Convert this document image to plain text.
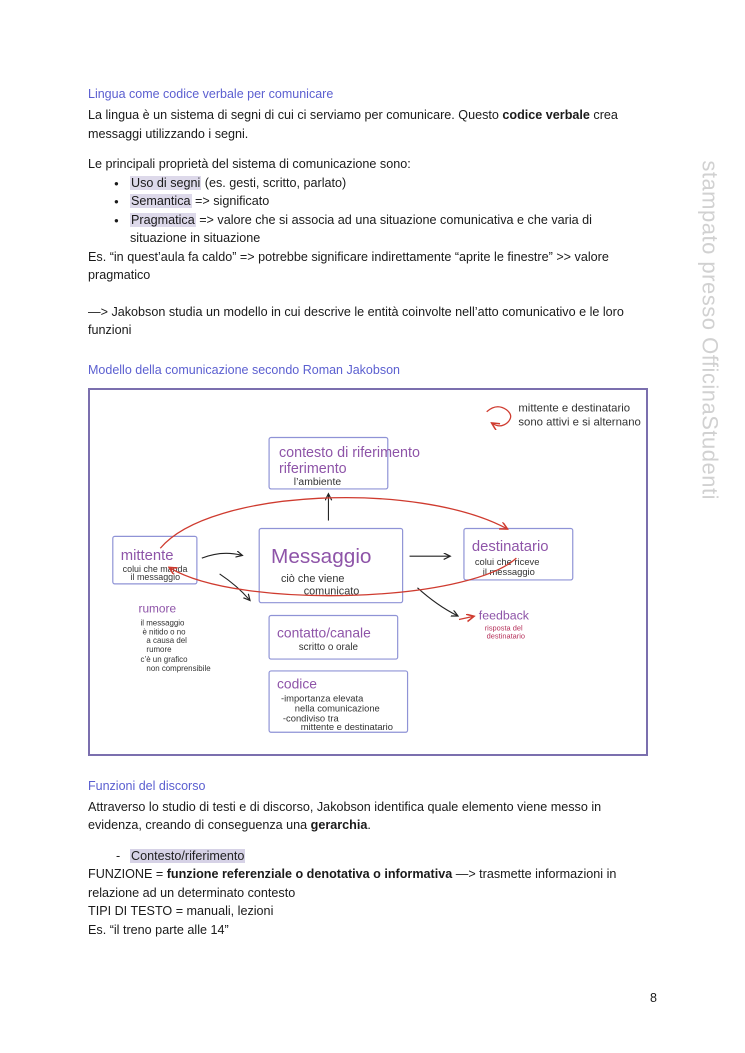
Lingua come codice verbale per comunicare

La lingua è un sistema di segni di cui ci serviamo per comunicare. Questo codice verbale crea messaggi utilizzando i segni.

Le principali proprietà del sistema di comunicazione sono:

● Uso di segni (es. gesti, scritto, parlato)
● Semantica => significato
● Pragmatica => valore che si associa ad una situazione comunicativa e che varia di situazione in situazione

Es. “in quest’aula fa caldo” => potrebbe significare indirettamente “aprite le finestre” >> valore pragmatico

—> Jakobson studia un modello in cui descrive le entità coinvolte nell’atto comunicativo e le loro funzioni

Modello della comunicazione secondo Roman Jakobson
mittente e destinatario
sono attivi e si alternano
contesto di riferimento
riferimento
l’ambiente
Messaggio
ciò che viene
comunicato
mittente
colui che manda
il messaggio
destinatario
colui che riceve
il messaggio
contatto/canale
scritto o orale
codice
-importanza elevata
nella comunicazione
-condiviso tra
mittente e destinatario
rumore
il messaggio
è nitido o no
a causa del
rumore
c’è un grafico
non comprensibile
feedback
risposta del
destinatario
Funzioni del discorso

Attraverso lo studio di testi e di discorso, Jakobson identifica quale elemento viene messo in evidenza, creando di conseguenza una gerarchia.

- Contesto/riferimento

FUNZIONE = funzione referenziale o denotativa o informativa —> trasmette informazioni in relazione ad un determinato contesto

TIPI DI TESTO = manuali, lezioni

Es. “il treno parte alle 14”

stampato presso OfficinaStudenti
8
